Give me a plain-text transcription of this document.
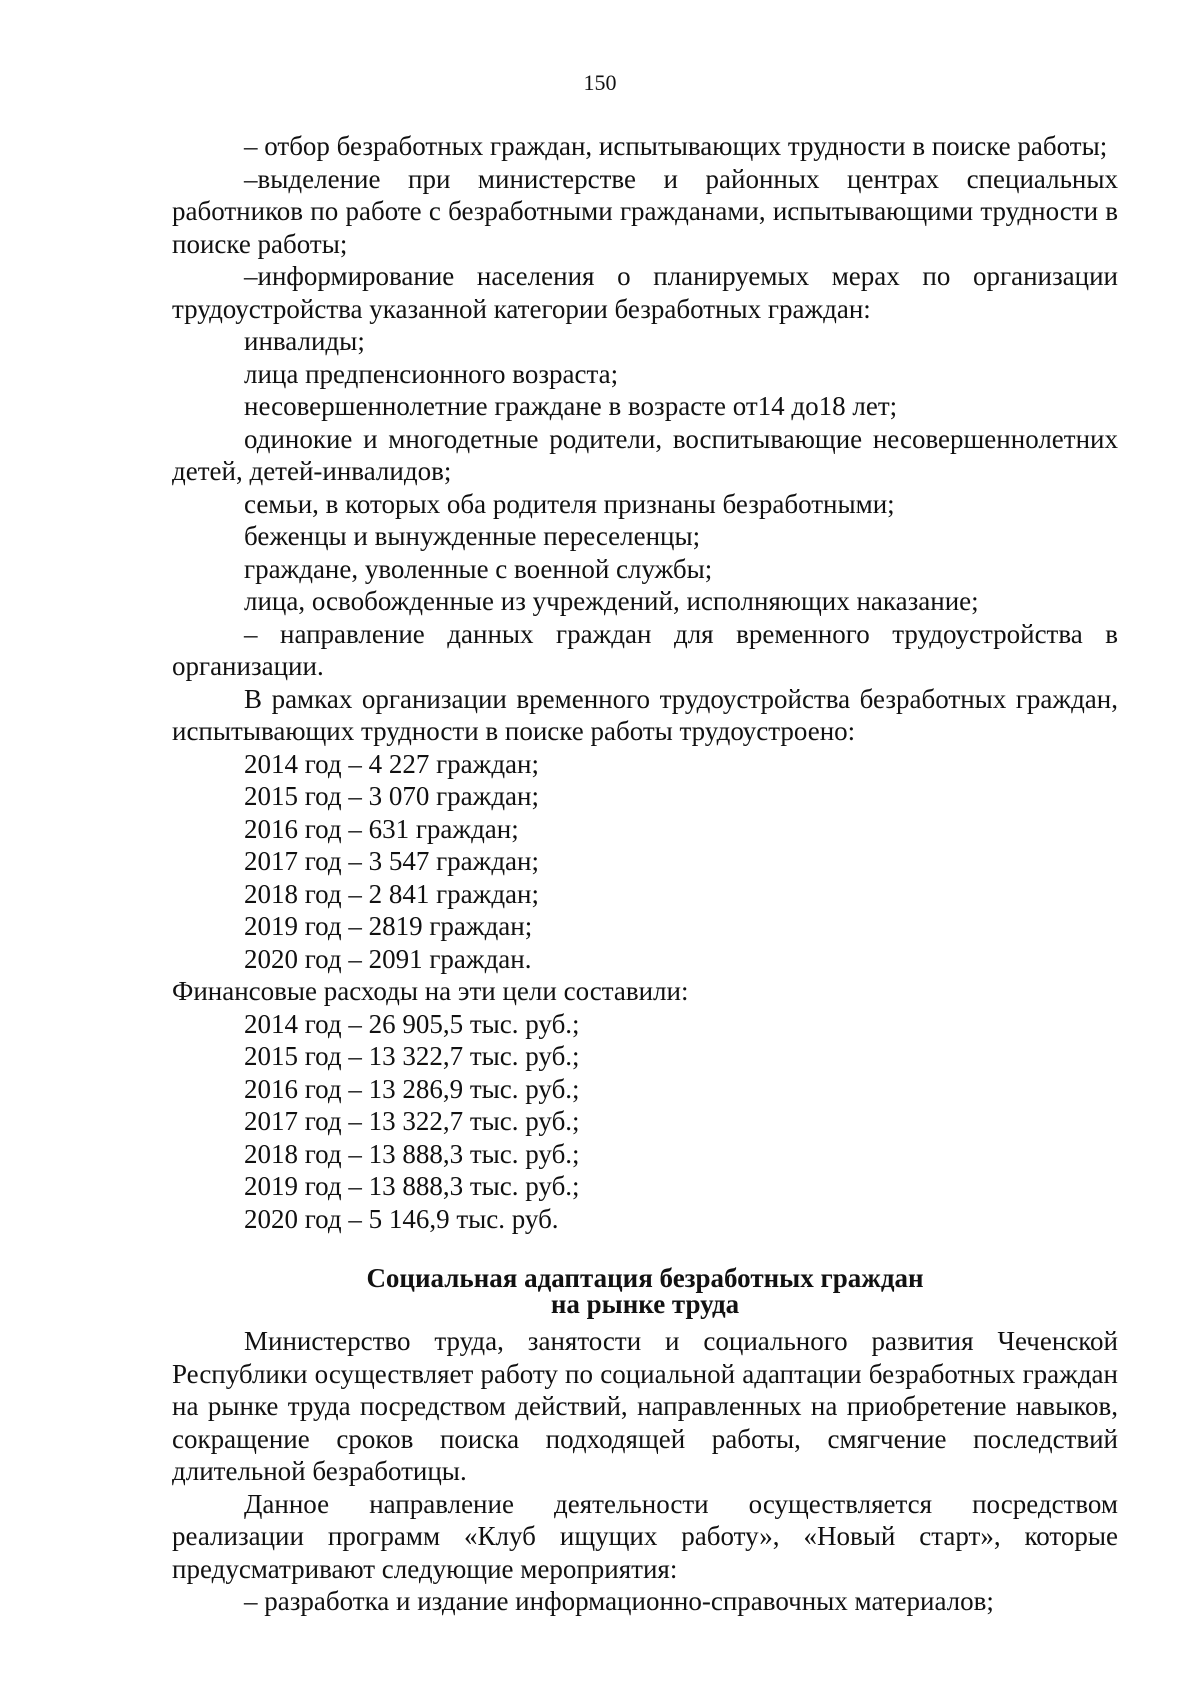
150
– отбор безработных граждан, испытывающих трудности в поиске работы;
–выделение при министерстве и районных центрах специальных работников по работе с безработными гражданами, испытывающими трудности в поиске работы;
–информирование населения о планируемых мерах по организации трудоустройства указанной категории безработных граждан:
инвалиды;
лица предпенсионного возраста;
несовершеннолетние граждане в возрасте от14 до18 лет;
одинокие и многодетные родители, воспитывающие несовершеннолетних детей, детей-инвалидов;
семьи, в которых оба родителя признаны безработными;
беженцы и вынужденные переселенцы;
граждане, уволенные с военной службы;
лица, освобожденные из учреждений, исполняющих наказание;
– направление данных граждан для временного трудоустройства в организации.
В рамках организации временного трудоустройства безработных граждан, испытывающих трудности в поиске работы трудоустроено:
2014 год – 4 227 граждан;
2015 год – 3 070 граждан;
2016 год – 631 граждан;
2017 год – 3 547 граждан;
2018 год – 2 841 граждан;
2019 год – 2819 граждан;
2020 год – 2091 граждан.
Финансовые расходы на эти цели составили:
2014 год – 26 905,5 тыс. руб.;
2015 год – 13 322,7 тыс. руб.;
2016 год – 13 286,9 тыс. руб.;
2017 год – 13 322,7 тыс. руб.;
2018 год – 13 888,3 тыс. руб.;
2019 год – 13 888,3 тыс. руб.;
2020 год – 5 146,9 тыс. руб.
Социальная адаптация безработных граждан
на рынке труда
Министерство труда, занятости и социального развития Чеченской Республики осуществляет работу по социальной адаптации безработных граждан на рынке труда посредством действий, направленных на приобретение навыков, сокращение сроков поиска подходящей работы, смягчение последствий длительной безработицы.
Данное направление деятельности осуществляется посредством реализации программ «Клуб ищущих работу», «Новый старт», которые предусматривают следующие мероприятия:
– разработка и издание информационно-справочных материалов;
